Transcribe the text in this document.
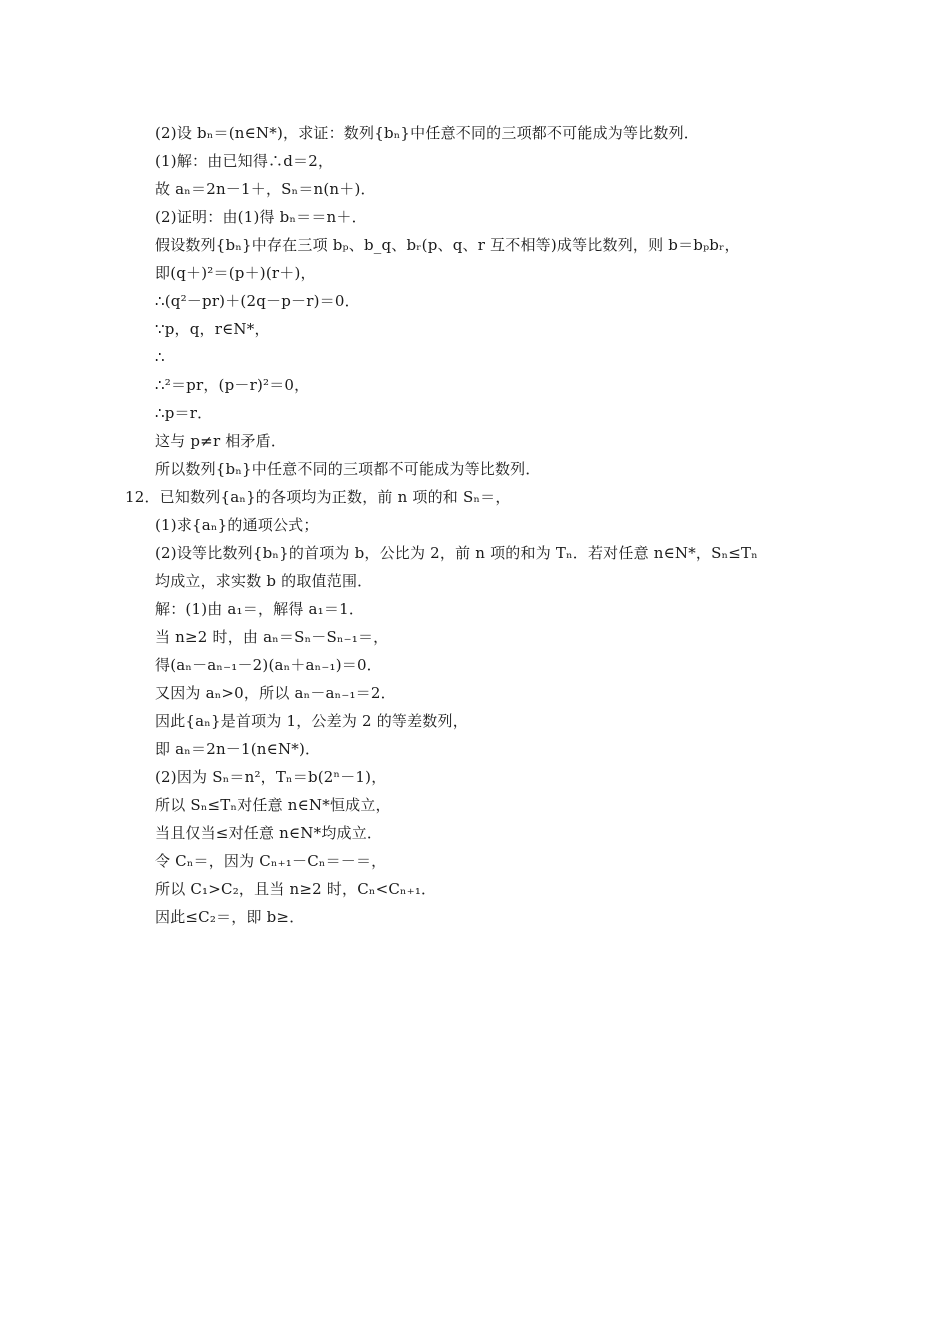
(2)设 bₙ＝(n∈N*)，求证：数列{bₙ}中任意不同的三项都不可能成为等比数列．
(1)解：由已知得∴d＝2，
故 aₙ＝2n－1＋，Sₙ＝n(n＋)．
(2)证明：由(1)得 bₙ＝＝n＋．
假设数列{bₙ}中存在三项 bₚ、b_q、bᵣ(p、q、r 互不相等)成等比数列，则 b＝bₚbᵣ，
即(q＋)²＝(p＋)(r＋)，
∴(q²－pr)＋(2q－p－r)＝0．
∵p，q，r∈N*，
∴
∴²＝pr，(p－r)²＝0，
∴p＝r．
这与 p≠r 相矛盾．
所以数列{bₙ}中任意不同的三项都不可能成为等比数列．
12．已知数列{aₙ}的各项均为正数，前 n 项的和 Sₙ＝，
(1)求{aₙ}的通项公式；
(2)设等比数列{bₙ}的首项为 b，公比为 2，前 n 项的和为 Tₙ．若对任意 n∈N*，Sₙ≤Tₙ
均成立，求实数 b 的取值范围．
解：(1)由 a₁＝，解得 a₁＝1．
当 n≥2 时，由 aₙ＝Sₙ－Sₙ₋₁＝，
得(aₙ－aₙ₋₁－2)(aₙ＋aₙ₋₁)＝0．
又因为 aₙ>0，所以 aₙ－aₙ₋₁＝2．
因此{aₙ}是首项为 1，公差为 2 的等差数列，
即 aₙ＝2n－1(n∈N*)．
(2)因为 Sₙ＝n²，Tₙ＝b(2ⁿ－1)，
所以 Sₙ≤Tₙ对任意 n∈N*恒成立，
当且仅当≤对任意 n∈N*均成立．
令 Cₙ＝，因为 Cₙ₊₁－Cₙ＝－＝，
所以 C₁>C₂，且当 n≥2 时，Cₙ<Cₙ₊₁．
因此≤C₂＝，即 b≥．
